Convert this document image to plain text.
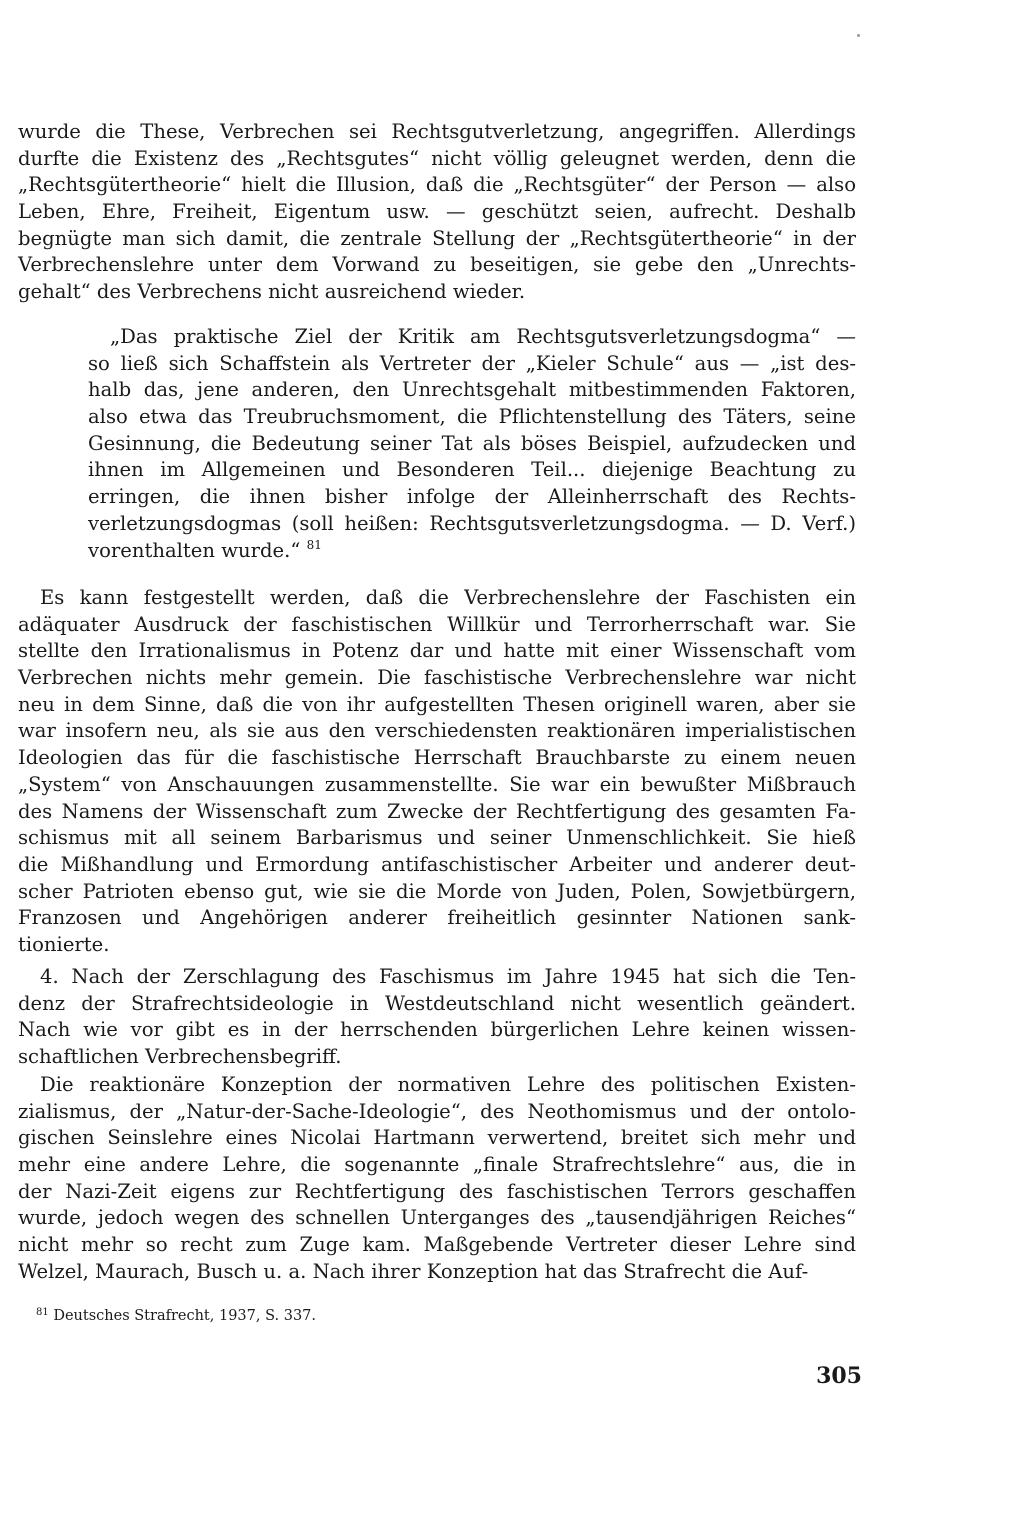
wurde die These, Verbrechen sei Rechtsgutverletzung, angegriffen. Allerdings
durfte die Existenz des „Rechtsgutes“ nicht völlig geleugnet werden, denn die
„Rechtsgütertheorie“ hielt die Illusion, daß die „Rechtsgüter“ der Person — also
Leben, Ehre, Freiheit, Eigentum usw. — geschützt seien, aufrecht. Deshalb
begnügte man sich damit, die zentrale Stellung der „Rechtsgütertheorie“ in der
Verbrechenslehre unter dem Vorwand zu beseitigen, sie gebe den „Unrechts-
gehalt“ des Verbrechens nicht ausreichend wieder.
„Das praktische Ziel der Kritik am Rechtsgutsverletzungsdogma“ —
so ließ sich Schaffstein als Vertreter der „Kieler Schule“ aus — „ist des-
halb das, jene anderen, den Unrechtsgehalt mitbestimmenden Faktoren,
also etwa das Treubruchsmoment, die Pflichtenstellung des Täters, seine
Gesinnung, die Bedeutung seiner Tat als böses Beispiel, aufzudecken und
ihnen im Allgemeinen und Besonderen Teil... diejenige Beachtung zu
erringen, die ihnen bisher infolge der Alleinherrschaft des Rechts-
verletzungsdogmas (soll heißen: Rechtsgutsverletzungsdogma. — D. Verf.)
vorenthalten wurde.“ $^{81}$
Es kann festgestellt werden, daß die Verbrechenslehre der Faschisten ein
adäquater Ausdruck der faschistischen Willkür und Terrorherrschaft war. Sie
stellte den Irrationalismus in Potenz dar und hatte mit einer Wissenschaft vom
Verbrechen nichts mehr gemein. Die faschistische Verbrechenslehre war nicht
neu in dem Sinne, daß die von ihr aufgestellten Thesen originell waren, aber sie
war insofern neu, als sie aus den verschiedensten reaktionären imperialistischen
Ideologien das für die faschistische Herrschaft Brauchbarste zu einem neuen
„System“ von Anschauungen zusammenstellte. Sie war ein bewußter Mißbrauch
des Namens der Wissenschaft zum Zwecke der Rechtfertigung des gesamten Fa-
schismus mit all seinem Barbarismus und seiner Unmenschlichkeit. Sie hieß
die Mißhandlung und Ermordung antifaschistischer Arbeiter und anderer deut-
scher Patrioten ebenso gut, wie sie die Morde von Juden, Polen, Sowjetbürgern,
Franzosen und Angehörigen anderer freiheitlich gesinnter Nationen sank-
tionierte.
4. Nach der Zerschlagung des Faschismus im Jahre 1945 hat sich die Ten-
denz der Strafrechtsideologie in Westdeutschland nicht wesentlich geändert.
Nach wie vor gibt es in der herrschenden bürgerlichen Lehre keinen wissen-
schaftlichen Verbrechensbegriff.
Die reaktionäre Konzeption der normativen Lehre des politischen Existen-
zialismus, der „Natur-der-Sache-Ideologie“, des Neothomismus und der ontolo-
gischen Seinslehre eines Nicolai Hartmann verwertend, breitet sich mehr und
mehr eine andere Lehre, die sogenannte „finale Strafrechtslehre“ aus, die in
der Nazi-Zeit eigens zur Rechtfertigung des faschistischen Terrors geschaffen
wurde, jedoch wegen des schnellen Unterganges des „tausendjährigen Reiches“
nicht mehr so recht zum Zuge kam. Maßgebende Vertreter dieser Lehre sind
Welzel, Maurach, Busch u. a. Nach ihrer Konzeption hat das Strafrecht die Auf-
$^{81}$ Deutsches Strafrecht, 1937, S. 337.
305
